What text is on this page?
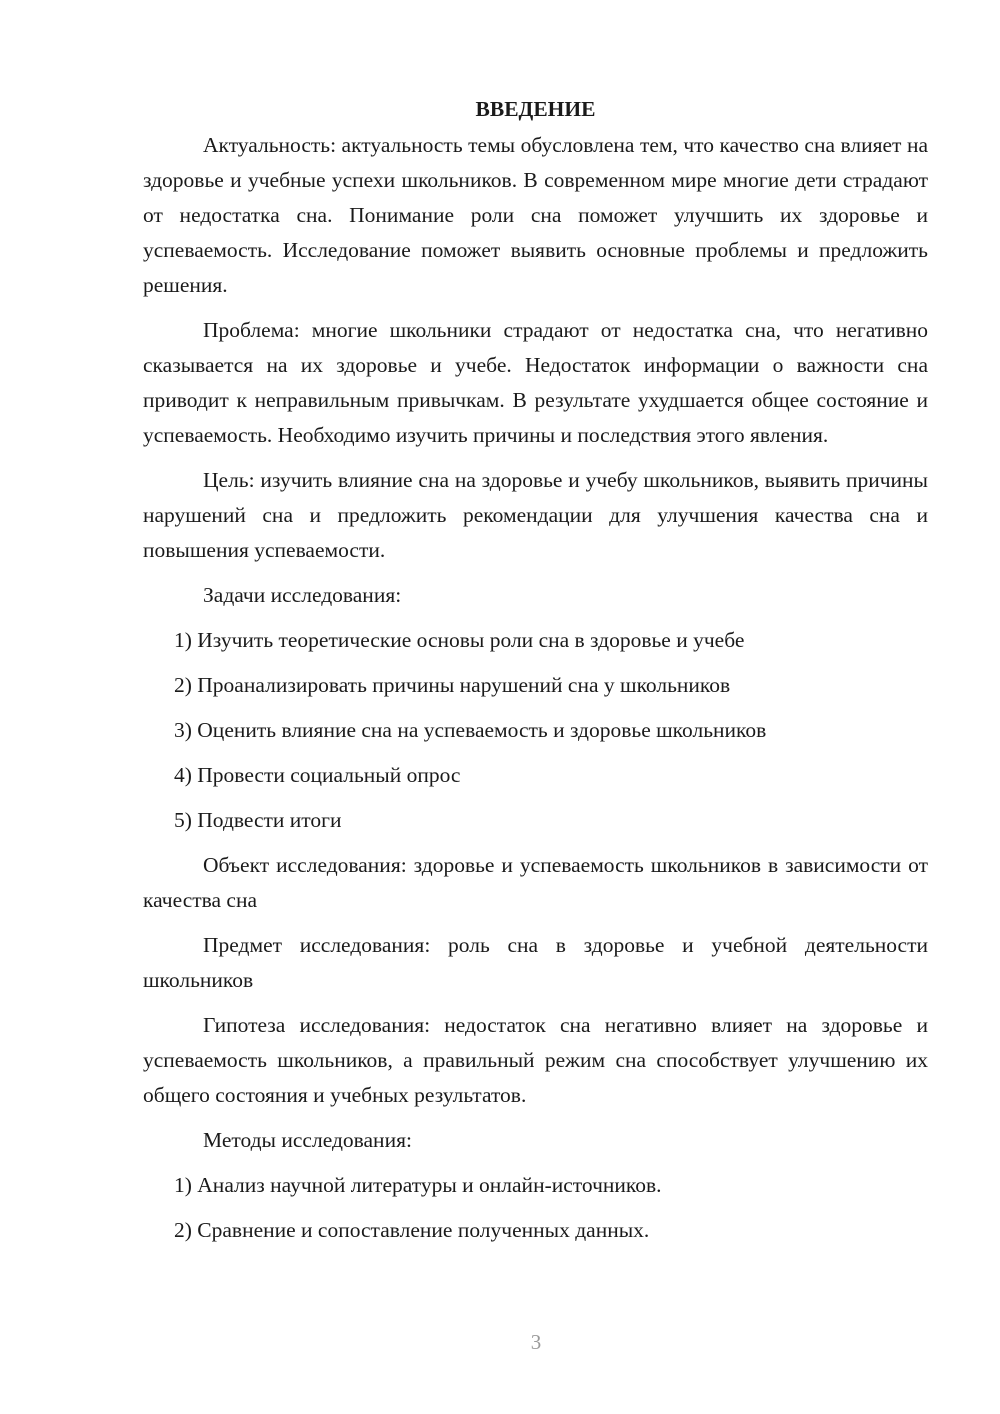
ВВЕДЕНИЕ

Актуальность: актуальность темы обусловлена тем, что качество сна влияет на здоровье и учебные успехи школьников. В современном мире многие дети страдают от недостатка сна. Понимание роли сна поможет улучшить их здоровье и успеваемость. Исследование поможет выявить основные проблемы и предложить решения.

Проблема: многие школьники страдают от недостатка сна, что негативно сказывается на их здоровье и учебе. Недостаток информации о важности сна приводит к неправильным привычкам. В результате ухудшается общее состояние и успеваемость. Необходимо изучить причины и последствия этого явления.

Цель: изучить влияние сна на здоровье и учебу школьников, выявить причины нарушений сна и предложить рекомендации для улучшения качества сна и повышения успеваемости.

Задачи исследования:

1) Изучить теоретические основы роли сна в здоровье и учебе

2) Проанализировать причины нарушений сна у школьников

3) Оценить влияние сна на успеваемость и здоровье школьников

4) Провести социальный опрос

5) Подвести итоги

Объект исследования: здоровье и успеваемость школьников в зависимости от качества сна

Предмет исследования: роль сна в здоровье и учебной деятельности школьников

Гипотеза исследования: недостаток сна негативно влияет на здоровье и успеваемость школьников, а правильный режим сна способствует улучшению их общего состояния и учебных результатов.

Методы исследования:

1) Анализ научной литературы и онлайн-источников.

2) Сравнение и сопоставление полученных данных.

3
